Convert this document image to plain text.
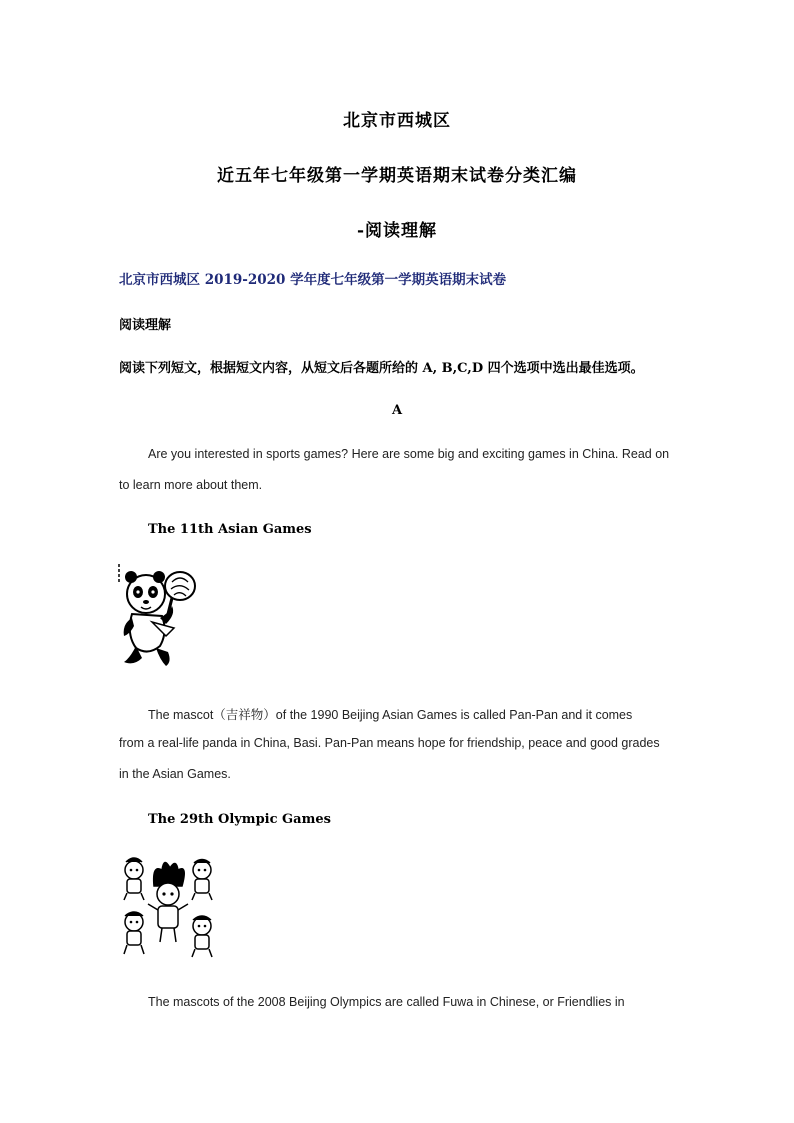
北京市西城区
近五年七年级第一学期英语期末试卷分类汇编
-阅读理解
北京市西城区 2019-2020 学年度七年级第一学期英语期末试卷
阅读理解
阅读下列短文，根据短文内容，从短文后各题所给的 A, B,C,D 四个选项中选出最佳选项。
A
Are you interested in sports games? Here are some big and exciting games in China. Read on
to learn more about them.
The 11th Asian Games
The mascot（吉祥物）of the 1990 Beijing Asian Games is called Pan-Pan and it comes
from a real-life panda in China, Basi. Pan-Pan means hope for friendship, peace and good grades
in the Asian Games.
The 29th Olympic Games
The mascots of the 2008 Beijing Olympics are called Fuwa in Chinese, or Friendlies in
